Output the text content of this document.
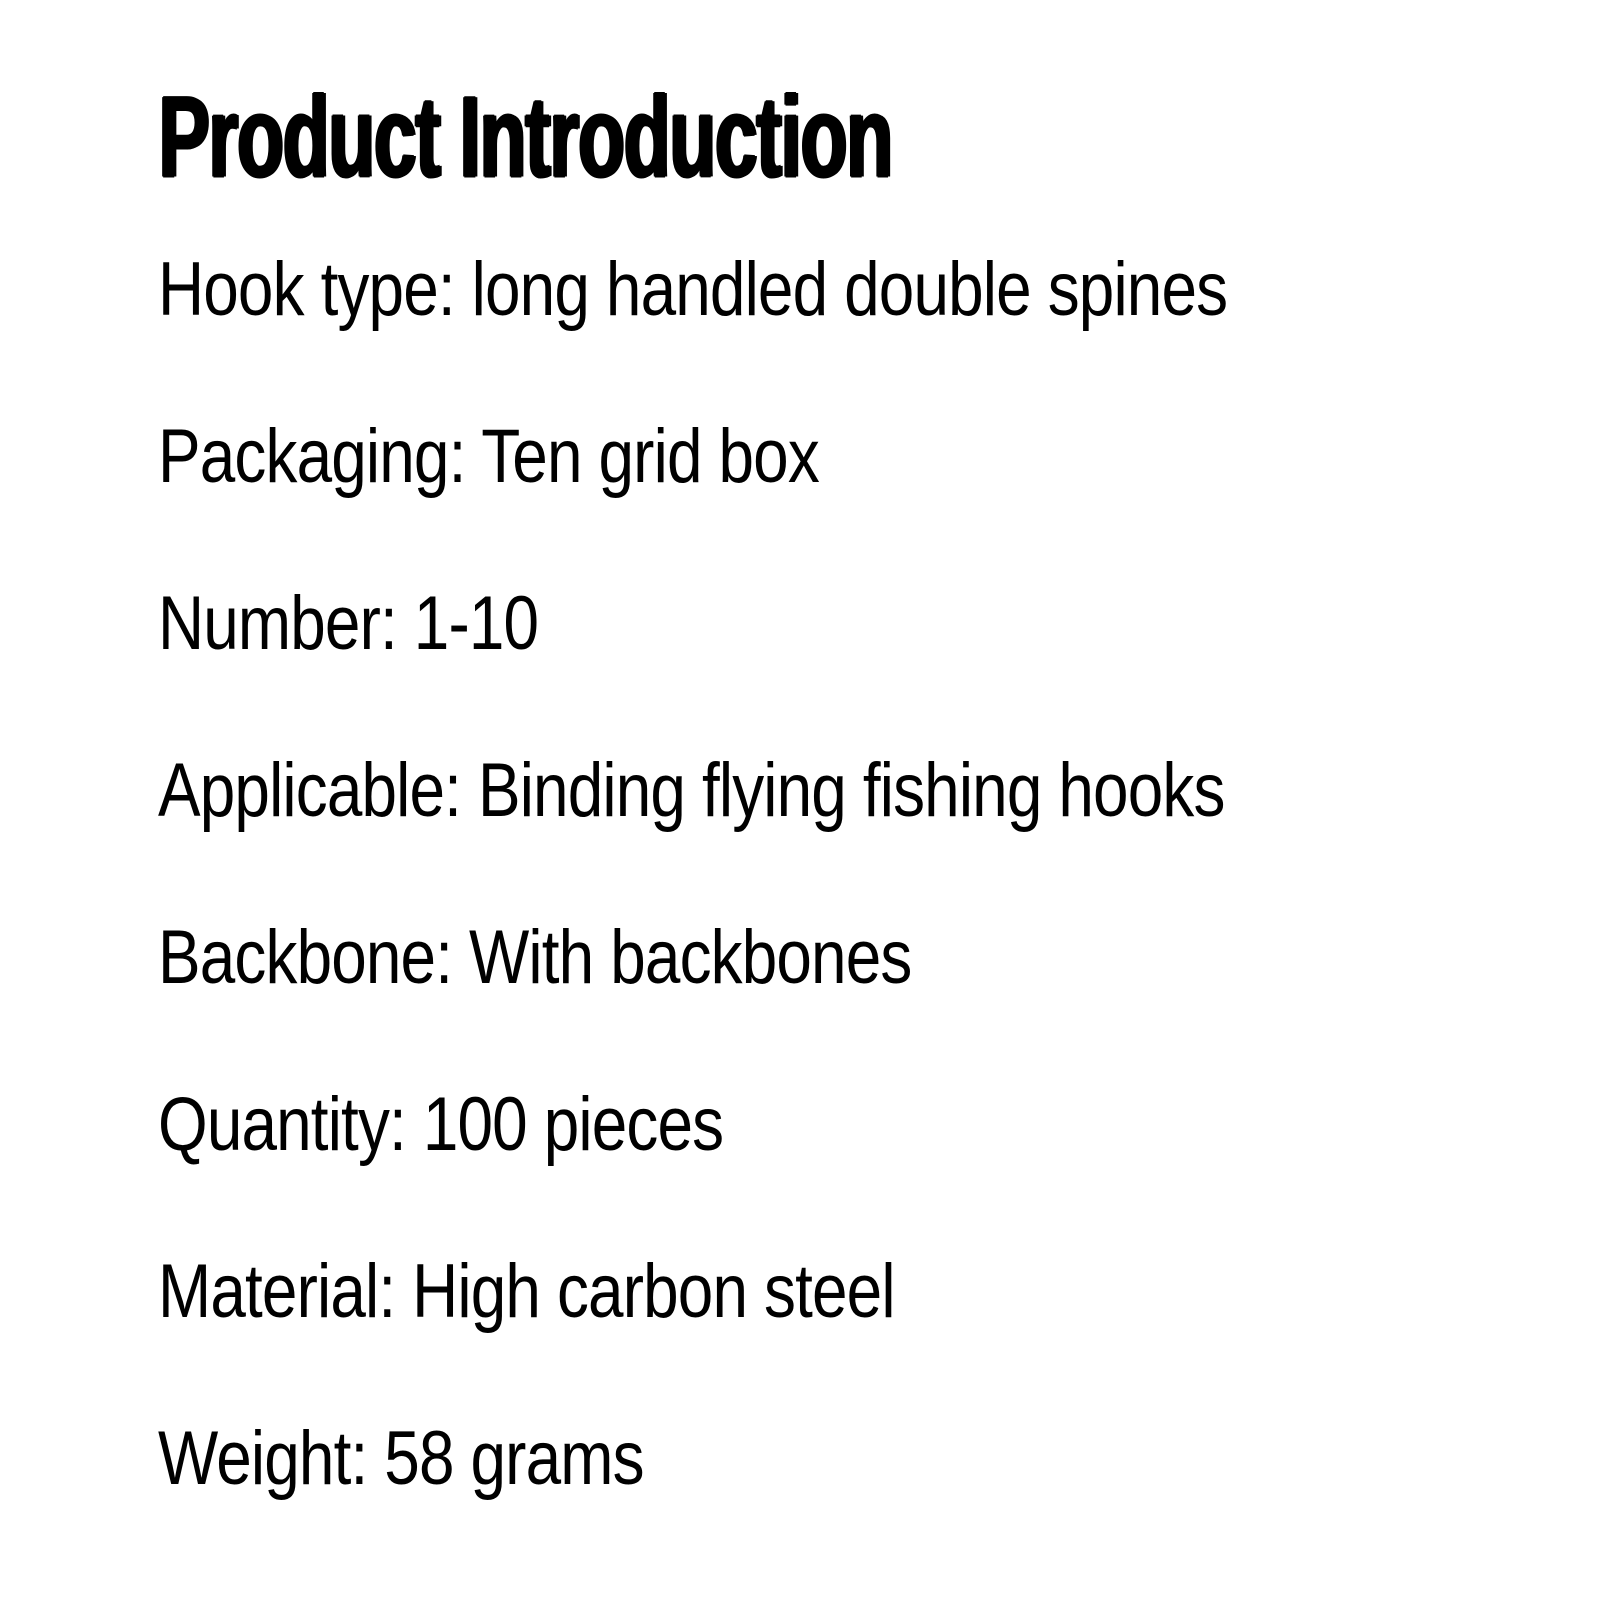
Product Introduction
Hook type: long handled double spines
Packaging: Ten grid box
Number: 1-10
Applicable: Binding flying fishing hooks
Backbone: With backbones
Quantity: 100 pieces
Material: High carbon steel
Weight: 58 grams
